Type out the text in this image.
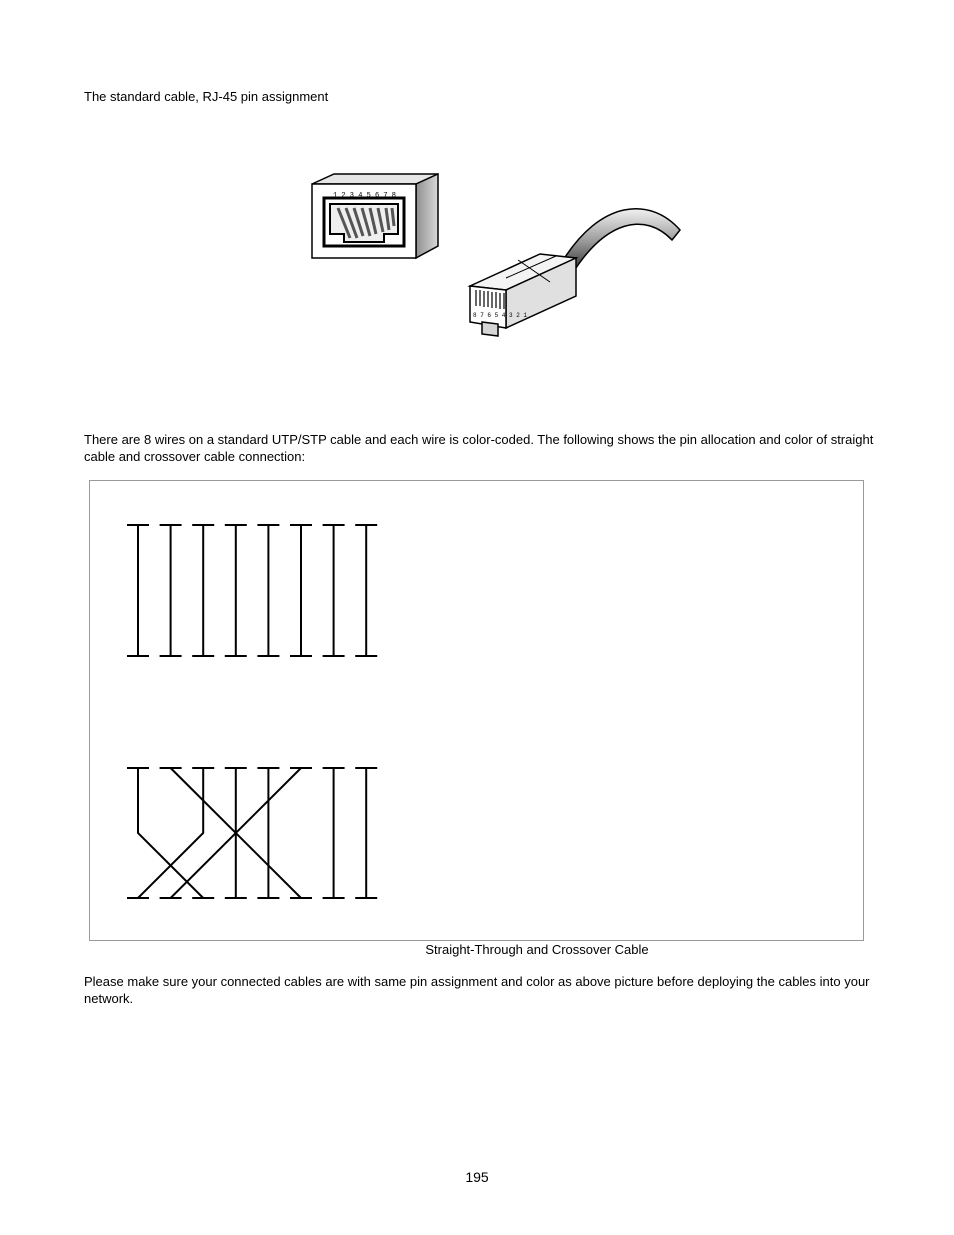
The standard cable, RJ-45 pin assignment
1 2 3 4 5 6 7 8
8 7 6 5 4 3 2 1
There are 8 wires on a standard UTP/STP cable and each wire is color-coded. The following shows the pin allocation and color of straight cable and crossover cable connection:
Straight-Through and Crossover Cable
Please make sure your connected cables are with same pin assignment and color as above picture before deploying the cables into your network.
195
